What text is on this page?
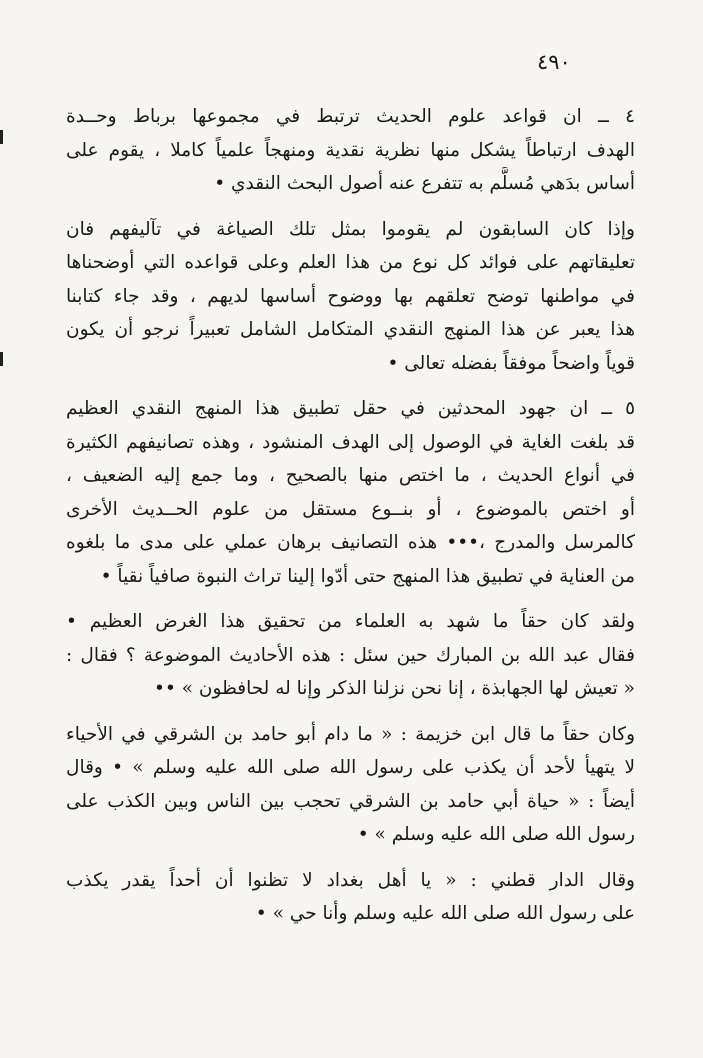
٤٩٠
٤ ــ ان قواعد علوم الحديث ترتبط في مجموعها برباط وحــدة
الهدف ارتباطاً يشكل منها نظرية نقدية ومنهجاً علمياً كاملا ، يقوم على
أساس بدَهي مُسلَّم به تتفرع عنه أصول البحث النقدي •
وإذا كان السابقون لم يقوموا بمثل تلك الصياغة في تآليفهم فان
تعليقاتهم على فوائد كل نوع من هذا العلم وعلى قواعده التي أوضحناها
في مواطنها توضح تعلقهم بها ووضوح أساسها لديهم ، وقد جاء كتابنا
هذا يعبر عن هذا المنهج النقدي المتكامل الشامل تعبيراً نرجو أن يكون
قوياً واضحاً موفقاً بفضله تعالى •
٥ ــ ان جهود المحدثين في حقل تطبيق هذا المنهج النقدي العظيم
قد بلغت الغاية في الوصول إلى الهدف المنشود ، وهذه تصانيفهم الكثيرة
في أنواع الحديث ، ما اختص منها بالصحيح ، وما جمع إليه الضعيف ،
أو اختص بالموضوع ، أو بنــوع مستقل من علوم الحــديث الأخرى
كالمرسل والمدرج ،••• هذه التصانيف برهان عملي على مدى ما بلغوه
من العناية في تطبيق هذا المنهج حتى أدّوا إلينا تراث النبوة صافياً نقياً •
ولقد كان حقاً ما شهد به العلماء من تحقيق هذا الغرض العظيم •
فقال عبد الله بن المبارك حين سئل : هذه الأحاديث الموضوعة ؟ فقال :
« تعيش لها الجهابذة ، إنا نحن نزلنا الذكر وإنا له لحافظون » ••
وكان حقاً ما قال ابن خزيمة : « ما دام أبو حامد بن الشرقي في الأحياء
لا يتهيأ لأحد أن يكذب على رسول الله صلى الله عليه وسلم » • وقال
أيضاً : « حياة أبي حامد بن الشرقي تحجب بين الناس وبين الكذب على
رسول الله صلى الله عليه وسلم » •
وقال الدار قطني : « يا أهل بغداد لا تظنوا أن أحداً يقدر يكذب
على رسول الله صلى الله عليه وسلم وأنا حي » •
